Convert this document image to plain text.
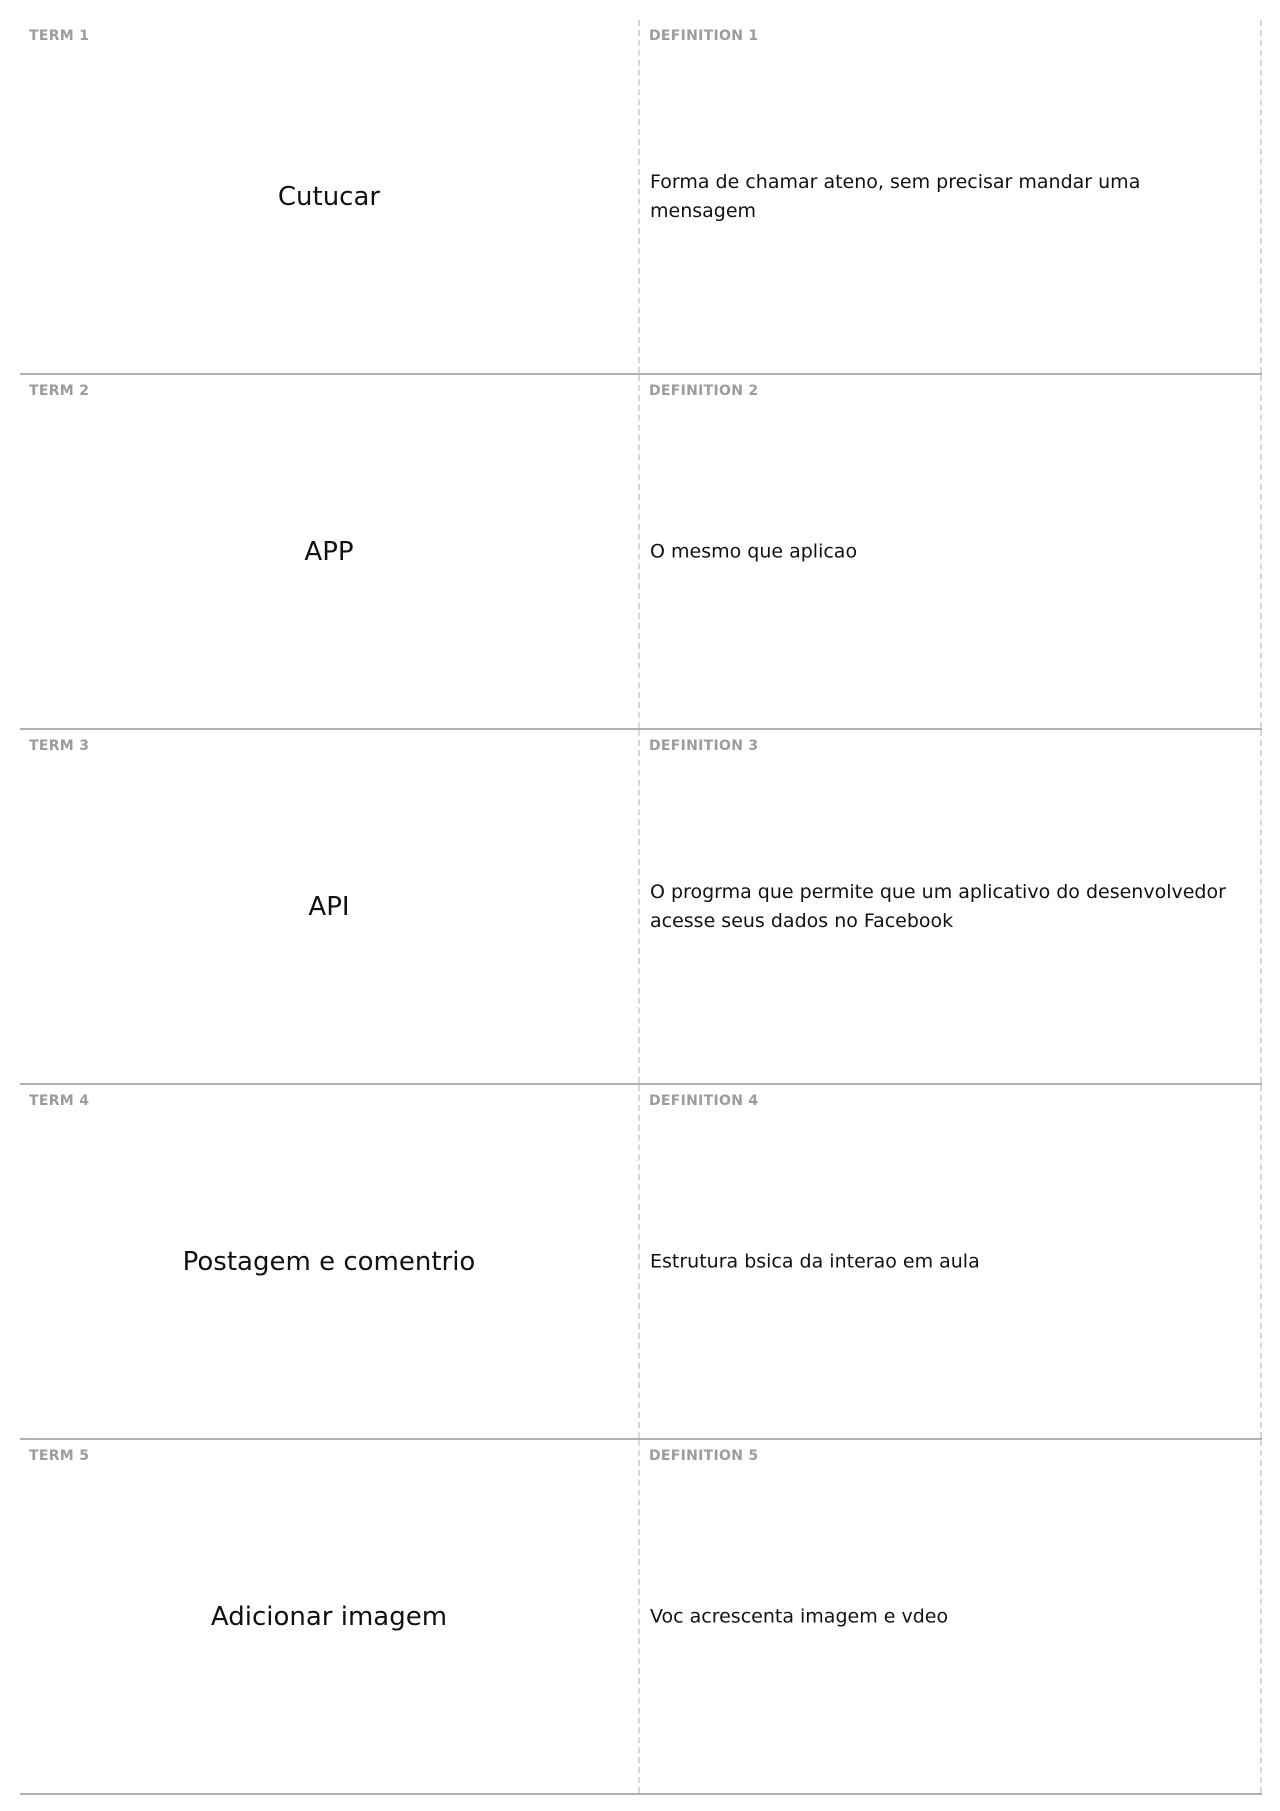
TERM 1
Cutucar
DEFINITION 1
Forma de chamar ateno, sem precisar mandar uma mensagem
TERM 2
APP
DEFINITION 2
O mesmo que aplicao
TERM 3
API
DEFINITION 3
O progrma que permite que um aplicativo do desenvolvedor acesse seus dados no Facebook
TERM 4
Postagem e comentrio
DEFINITION 4
Estrutura bsica da interao em aula
TERM 5
Adicionar imagem
DEFINITION 5
Voc acrescenta imagem e vdeo
